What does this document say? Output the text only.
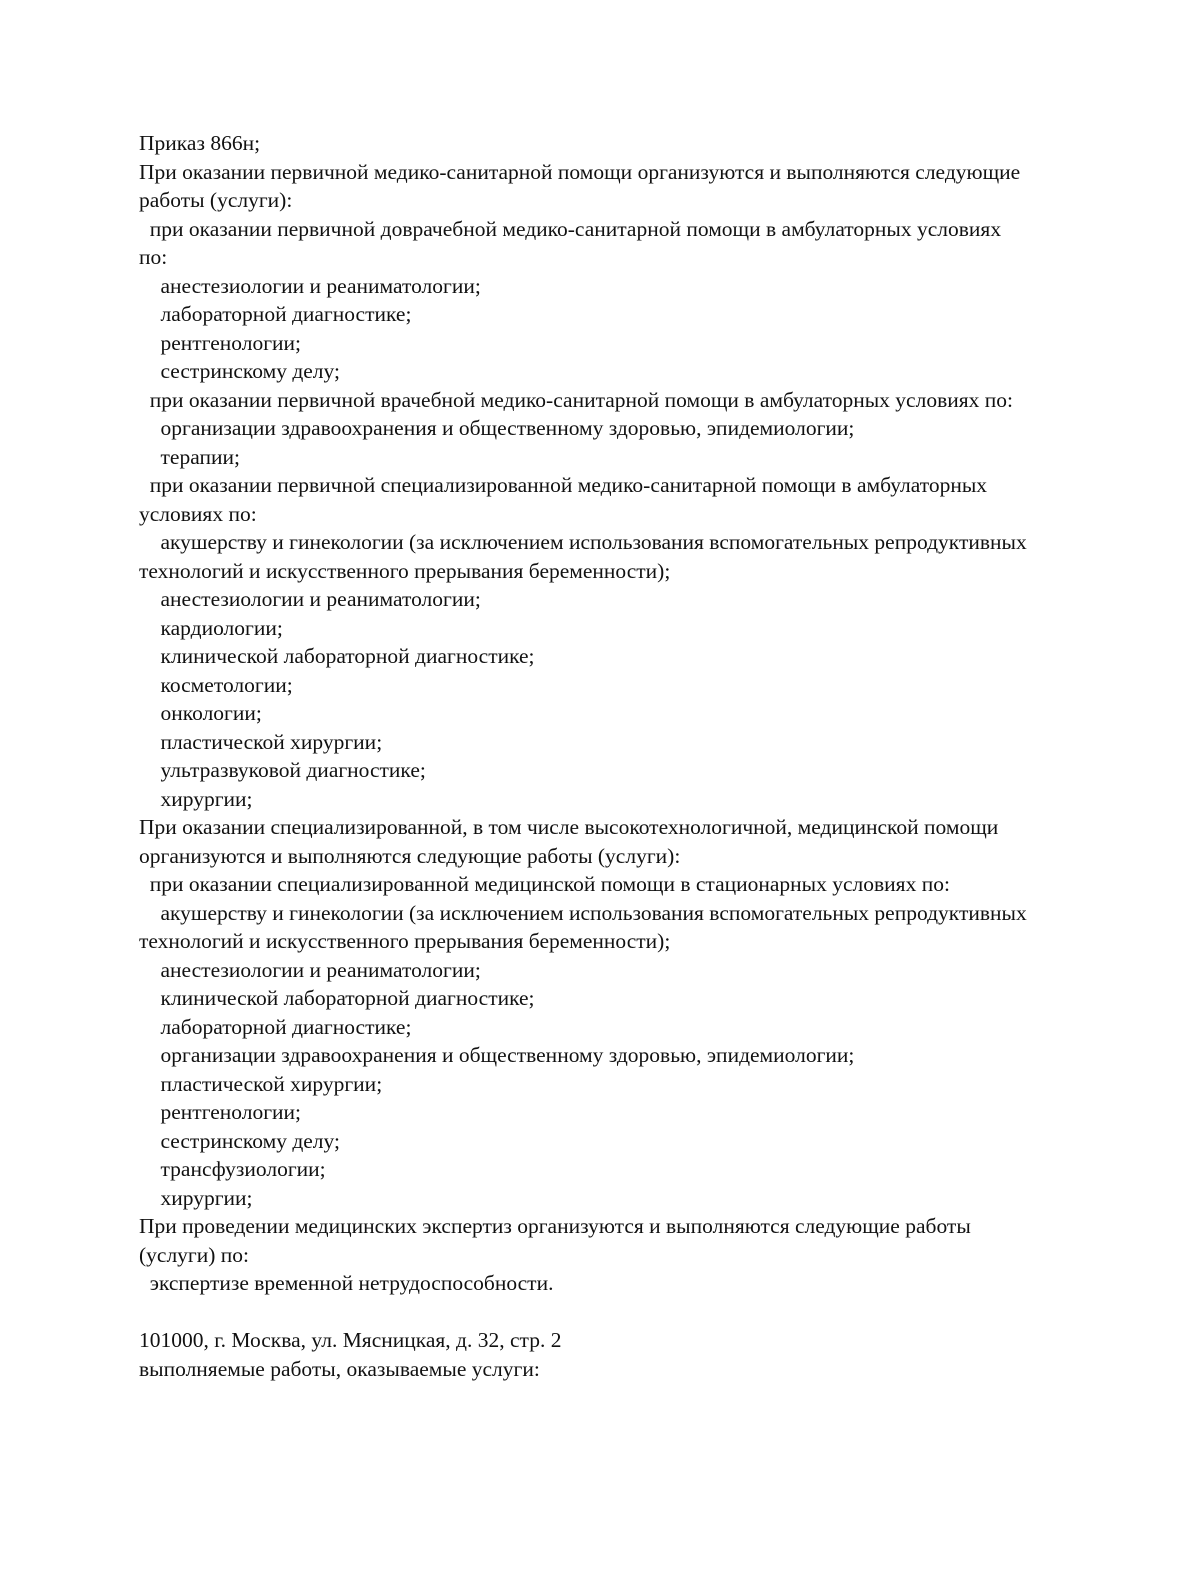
Приказ 866н;
При оказании первичной медико-санитарной помощи организуются и выполняются следующие
работы (услуги):
при оказании первичной доврачебной медико-санитарной помощи в амбулаторных условиях
по:
анестезиологии и реаниматологии;
лабораторной диагностике;
рентгенологии;
сестринскому делу;
при оказании первичной врачебной медико-санитарной помощи в амбулаторных условиях по:
организации здравоохранения и общественному здоровью, эпидемиологии;
терапии;
при оказании первичной специализированной медико-санитарной помощи в амбулаторных
условиях по:
акушерству и гинекологии (за исключением использования вспомогательных репродуктивных
технологий и искусственного прерывания беременности);
анестезиологии и реаниматологии;
кардиологии;
клинической лабораторной диагностике;
косметологии;
онкологии;
пластической хирургии;
ультразвуковой диагностике;
хирургии;
При оказании специализированной, в том числе высокотехнологичной, медицинской помощи
организуются и выполняются следующие работы (услуги):
при оказании специализированной медицинской помощи в стационарных условиях по:
акушерству и гинекологии (за исключением использования вспомогательных репродуктивных
технологий и искусственного прерывания беременности);
анестезиологии и реаниматологии;
клинической лабораторной диагностике;
лабораторной диагностике;
организации здравоохранения и общественному здоровью, эпидемиологии;
пластической хирургии;
рентгенологии;
сестринскому делу;
трансфузиологии;
хирургии;
При проведении медицинских экспертиз организуются и выполняются следующие работы
(услуги) по:
экспертизе временной нетрудоспособности.
101000, г. Москва, ул. Мясницкая, д. 32, стр. 2
выполняемые работы, оказываемые услуги:
